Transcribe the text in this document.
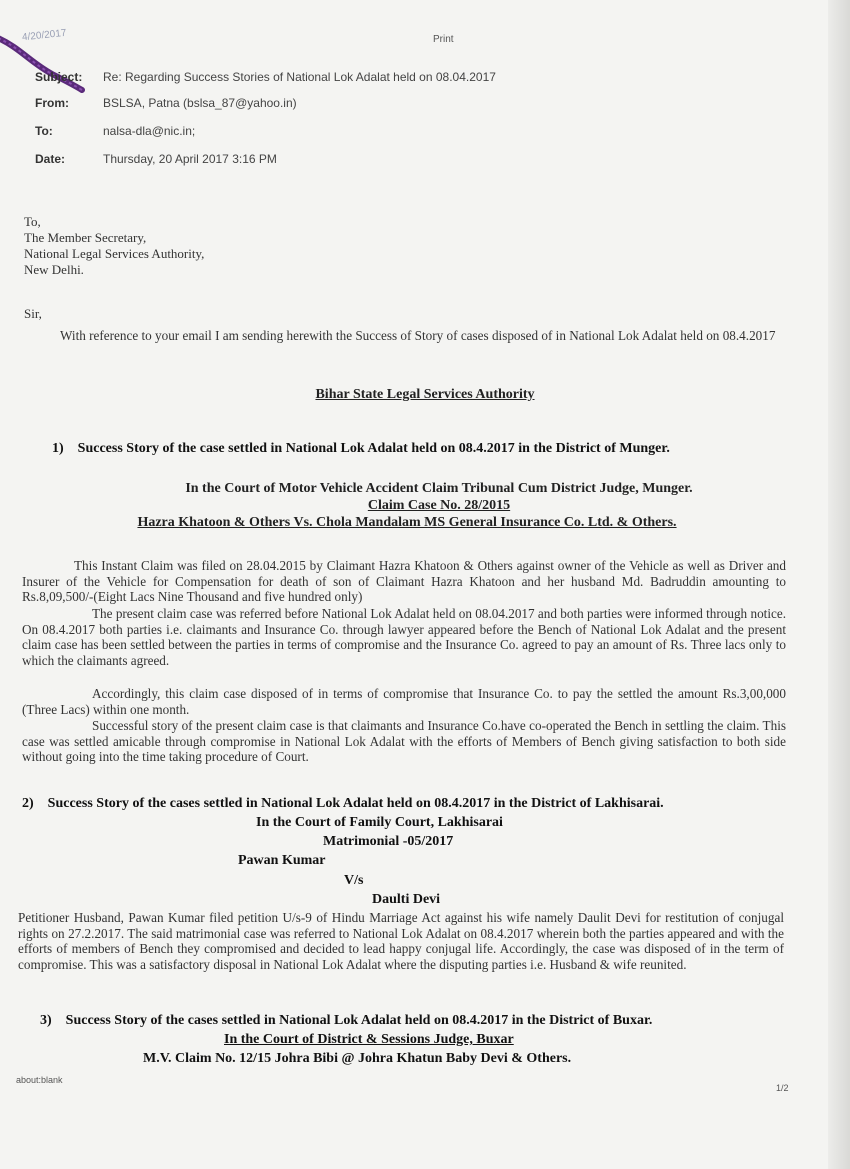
4/20/2017	Print
Subject:	Re: Regarding Success Stories of National Lok Adalat held on 08.04.2017
From:	BSLSA, Patna (bslsa_87@yahoo.in)
To:	nalsa-dla@nic.in;
Date:	Thursday, 20 April 2017 3:16 PM
To,
The Member Secretary,
National Legal Services Authority,
New Delhi.
Sir,
With reference to your email I am sending herewith the Success of Story of cases disposed of in National Lok Adalat held on 08.4.2017
Bihar State Legal Services Authority
1) Success Story of the case settled in National Lok Adalat held on 08.4.2017 in the District of Munger.
In the Court of Motor Vehicle Accident Claim Tribunal Cum District Judge, Munger.
Claim Case No. 28/2015
Hazra Khatoon & Others Vs. Chola Mandalam MS General Insurance Co. Ltd. & Others.
This Instant Claim was filed on 28.04.2015 by Claimant Hazra Khatoon & Others against owner of the Vehicle as well as Driver and Insurer of the Vehicle for Compensation for death of son of Claimant Hazra Khatoon and her husband Md. Badruddin amounting to Rs.8,09,500/-(Eight Lacs Nine Thousand and five hundred only)
The present claim case was referred before National Lok Adalat held on 08.04.2017 and both parties were informed through notice. On 08.4.2017 both parties i.e. claimants and Insurance Co. through lawyer appeared before the Bench of National Lok Adalat and the present claim case has been settled between the parties in terms of compromise and the Insurance Co. agreed to pay an amount of Rs. Three lacs only to which the claimants agreed.
Accordingly, this claim case disposed of in terms of compromise that Insurance Co. to pay the settled the amount Rs.3,00,000 (Three Lacs) within one month.
Successful story of the present claim case is that claimants and Insurance Co.have co-operated the Bench in settling the claim. This case was settled amicable through compromise in National Lok Adalat with the efforts of Members of Bench giving satisfaction to both side without going into the time taking procedure of Court.
2) Success Story of the cases settled in National Lok Adalat held on 08.4.2017 in the District of Lakhisarai.
In the Court of Family Court, Lakhisarai
Matrimonial -05/2017
Pawan Kumar
V/s
Daulti Devi
Petitioner Husband, Pawan Kumar filed petition U/s-9 of Hindu Marriage Act against his wife namely Daulit Devi for restitution of conjugal rights on 27.2.2017. The said matrimonial case was referred to National Lok Adalat on 08.4.2017 wherein both the parties appeared and with the efforts of members of Bench they compromised and decided to lead happy conjugal life. Accordingly, the case was disposed of in the term of compromise. This was a satisfactory disposal in National Lok Adalat where the disputing parties i.e. Husband & wife reunited.
3) Success Story of the cases settled in National Lok Adalat held on 08.4.2017 in the District of Buxar.
In the Court of District & Sessions Judge, Buxar
M.V. Claim No. 12/15 Johra Bibi @ Johra Khatun Baby Devi & Others.
about:blank
1/2
